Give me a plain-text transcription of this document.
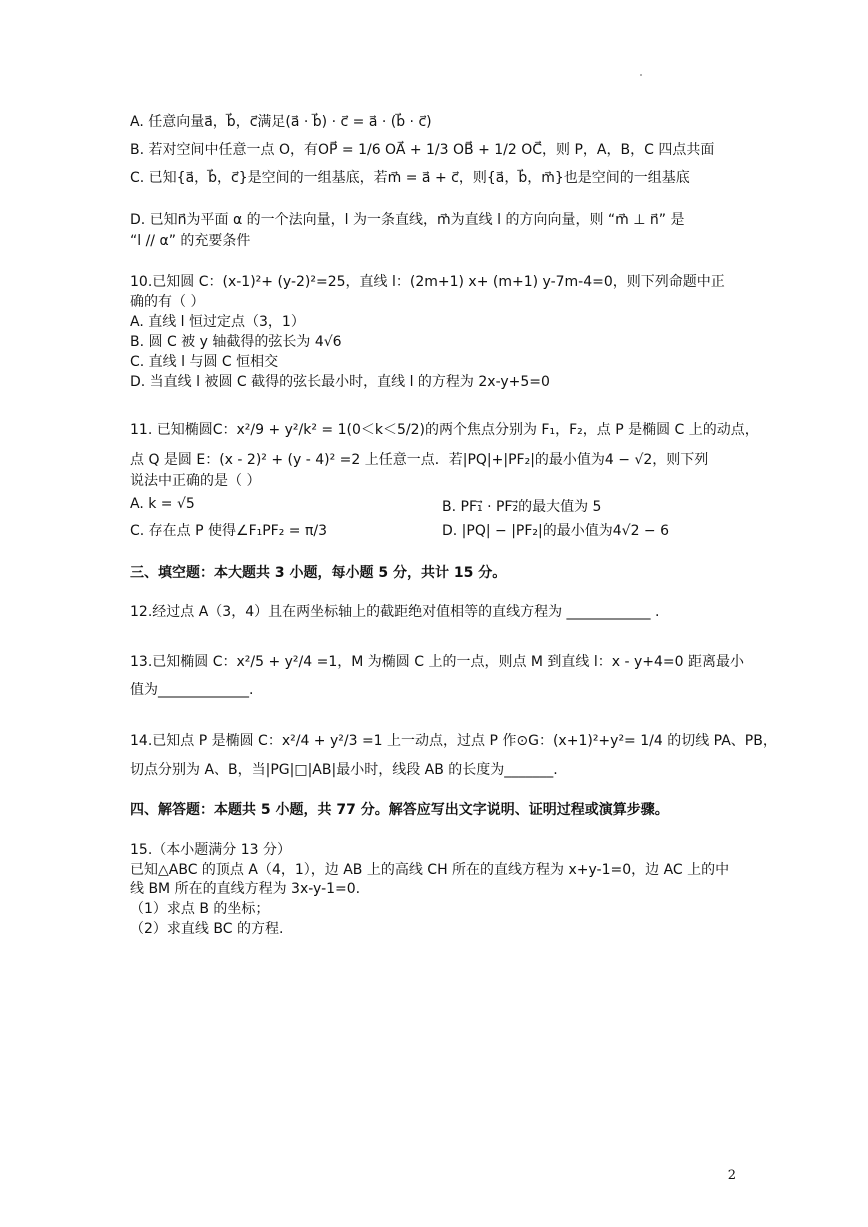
A. 任意向量a⃗，b⃗，c⃗满足(a⃗ · b⃗) · c⃗ = a⃗ · (b⃗ · c⃗)
B. 若对空间中任意一点 O，有OP⃗ = 1/6 OA⃗ + 1/3 OB⃗ + 1/2 OC⃗，则 P，A，B，C 四点共面
C. 已知{a⃗，b⃗，c⃗}是空间的一组基底，若m⃗ = a⃗ + c⃗，则{a⃗，b⃗，m⃗}也是空间的一组基底
D. 已知n⃗为平面 α 的一个法向量，l 为一条直线，m⃗为直线 l 的方向向量，则 “m⃗ ⊥ n⃗” 是
“l // α” 的充要条件
10.已知圆 C：(x-1)²+ (y-2)²=25，直线 l：(2m+1) x+ (m+1) y-7m-4=0，则下列命题中正
确的有（ ）
A. 直线 l 恒过定点（3，1）
B. 圆 C 被 y 轴截得的弦长为 4√6
C. 直线 l 与圆 C 恒相交
D. 当直线 l 被圆 C 截得的弦长最小时，直线 l 的方程为 2x-y+5=0
11. 已知椭圆C：x²/9 + y²/k² = 1(0＜k＜5/2)的两个焦点分别为 F₁，F₂，点 P 是椭圆 C 上的动点，
点 Q 是圆 E：(x - 2)² + (y - 4)² =2 上任意一点．若|PQ|+|PF₂|的最小值为4 − √2，则下列
说法中正确的是（ ）
A. k = √5	B. PF₁⃗ · PF₂⃗的最大值为 5
C. 存在点 P 使得∠F₁PF₂ = π/3	D. |PQ| − |PF₂|的最小值为4√2 − 6
三、填空题：本大题共 3 小题，每小题 5 分，共计 15 分。
12.经过点 A（3，4）且在两坐标轴上的截距绝对值相等的直线方程为 ____________ .
13.已知椭圆 C：x²/5 + y²/4 =1，M 为椭圆 C 上的一点，则点 M 到直线 l：x - y+4=0 距离最小
值为_____________.
14.已知点 P 是椭圆 C：x²/4 + y²/3 =1 上一动点，过点 P 作⊙G：(x+1)²+y²= 1/4 的切线 PA、PB，
切点分别为 A、B，当|PG|□|AB|最小时，线段 AB 的长度为_______.
四、解答题：本题共 5 小题，共 77 分。解答应写出文字说明、证明过程或演算步骤。
15.（本小题满分 13 分）
已知△ABC 的顶点 A（4，1），边 AB 上的高线 CH 所在的直线方程为 x+y-1=0，边 AC 上的中
线 BM 所在的直线方程为 3x-y-1=0.
（1）求点 B 的坐标；
（2）求直线 BC 的方程.
2
